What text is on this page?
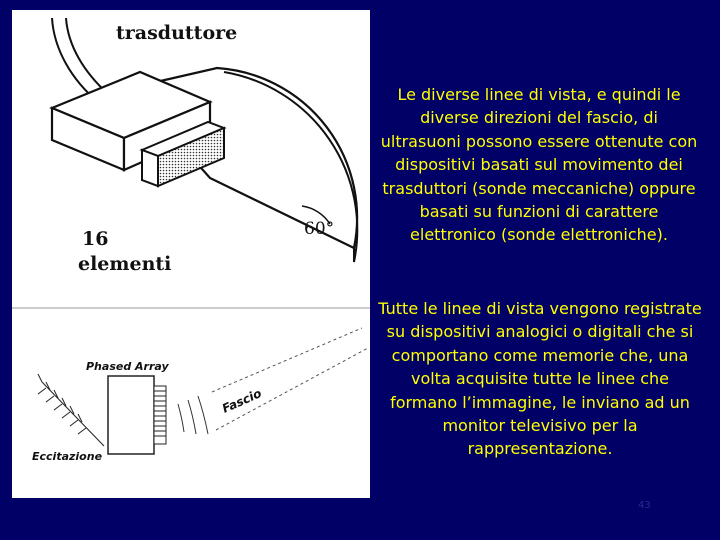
trasduttore
16
elementi
60°
Phased Array
Fascio
Eccitazione

Le diverse linee di vista, e quindi le diverse direzioni del fascio, di ultrasuoni possono essere ottenute con dispositivi basati sul movimento dei trasduttori (sonde meccaniche) oppure basati su funzioni di carattere elettronico (sonde elettroniche).

Tutte le linee di vista vengono registrate su dispositivi analogici o digitali che si comportano come memorie che, una volta acquisite tutte le linee che formano l’immagine, le inviano ad un monitor televisivo per la rappresentazione.

43
